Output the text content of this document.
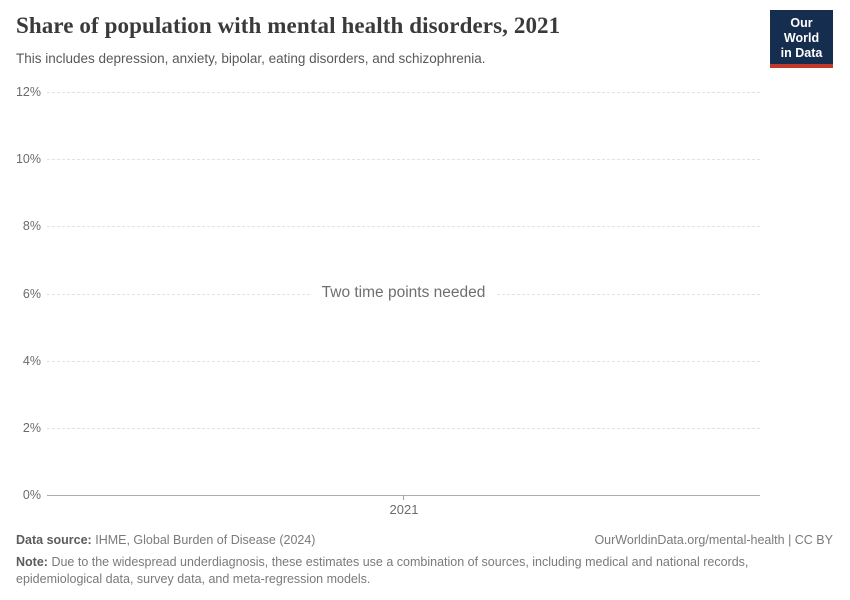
Share of population with mental health disorders, 2021

This includes depression, anxiety, bipolar, eating disorders, and schizophrenia.

Our World
in Data
12%
10%
8%
6%
4%
2%
0%
Two time points needed
2021
Data source: IHME, Global Burden of Disease (2024)	OurWorldinData.org/mental-health | CC BY
Note: Due to the widespread underdiagnosis, these estimates use a combination of sources, including medical and national records, epidemiological data, survey data, and meta-regression models.
